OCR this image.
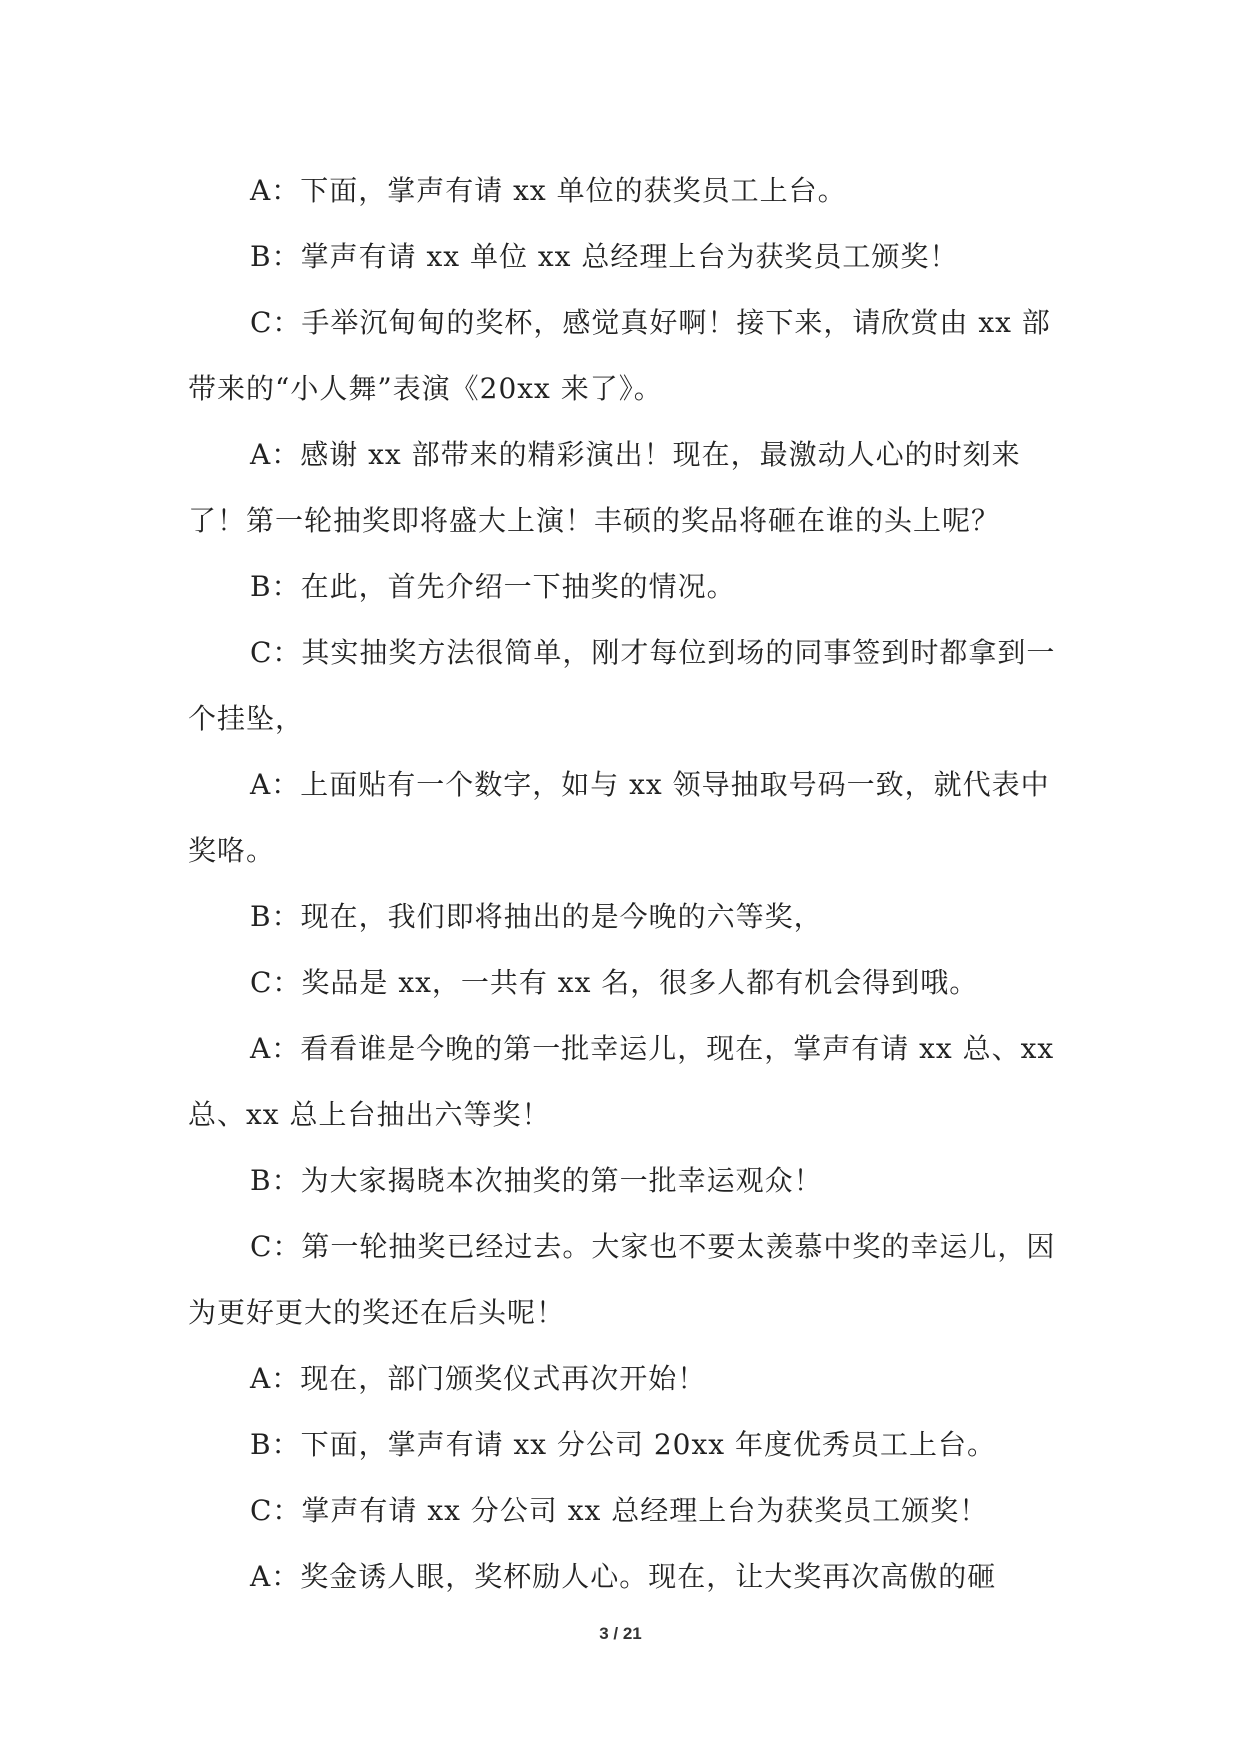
A：下面，掌声有请 xx 单位的获奖员工上台。

B：掌声有请 xx 单位 xx 总经理上台为获奖员工颁奖！

C：手举沉甸甸的奖杯，感觉真好啊！接下来，请欣赏由 xx 部带来的“小人舞”表演《20xx 来了》。

A：感谢 xx 部带来的精彩演出！现在，最激动人心的时刻来了！第一轮抽奖即将盛大上演！丰硕的奖品将砸在谁的头上呢？

B：在此，首先介绍一下抽奖的情况。

C：其实抽奖方法很简单，刚才每位到场的同事签到时都拿到一个挂坠，

A：上面贴有一个数字，如与 xx 领导抽取号码一致，就代表中奖咯。

B：现在，我们即将抽出的是今晚的六等奖，

C：奖品是 xx，一共有 xx 名，很多人都有机会得到哦。

A：看看谁是今晚的第一批幸运儿，现在，掌声有请 xx 总、xx 总、xx 总上台抽出六等奖！

B：为大家揭晓本次抽奖的第一批幸运观众！

C：第一轮抽奖已经过去。大家也不要太羡慕中奖的幸运儿，因为更好更大的奖还在后头呢！

A：现在，部门颁奖仪式再次开始！

B：下面，掌声有请 xx 分公司 20xx 年度优秀员工上台。

C：掌声有请 xx 分公司 xx 总经理上台为获奖员工颁奖！

A：奖金诱人眼，奖杯励人心。现在，让大奖再次高傲的砸

3 / 21
